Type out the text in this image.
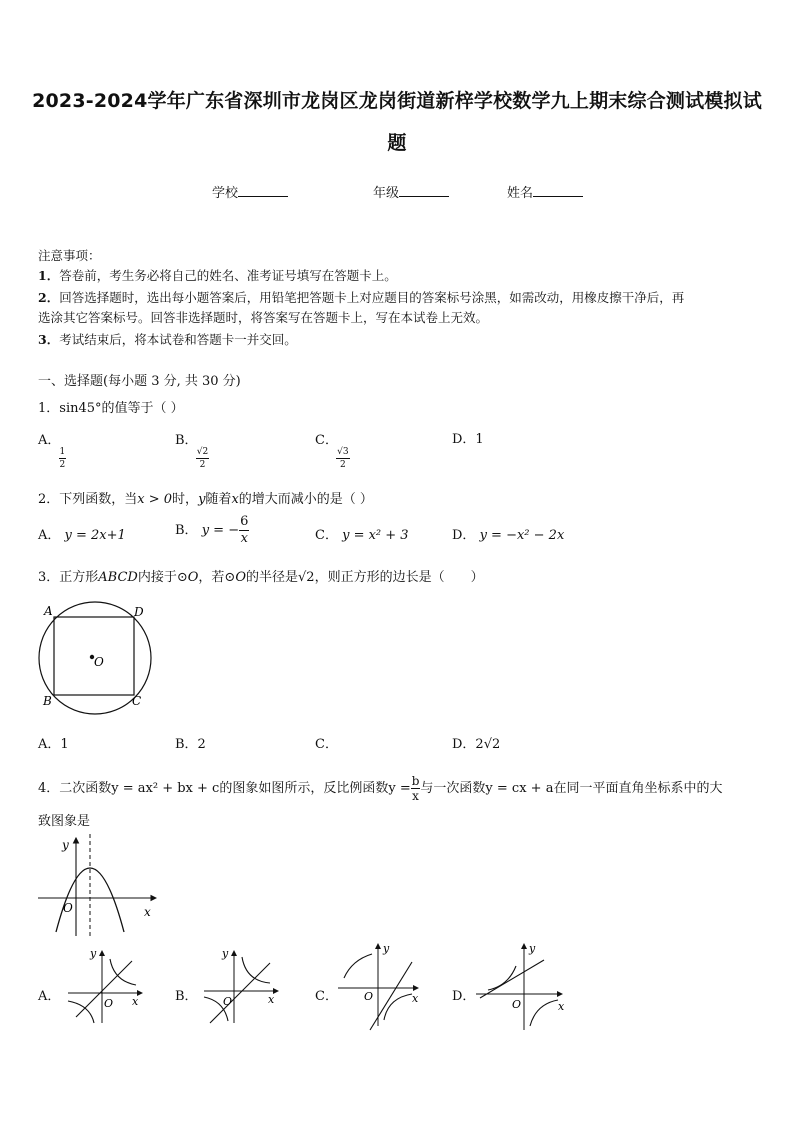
2023-2024学年广东省深圳市龙岗区龙岗街道新梓学校数学九上期末综合测试模拟试
题
学校	年级	姓名
注意事项：
1．答卷前，考生务必将自己的姓名、准考证号填写在答题卡上。
2．回答选择题时，选出每小题答案后，用铅笔把答题卡上对应题目的答案标号涂黑，如需改动，用橡皮擦干净后，再
选涂其它答案标号。回答非选择题时，将答案写在答题卡上，写在本试卷上无效。
3．考试结束后，将本试卷和答题卡一并交回。
一、选择题(每小题 3 分, 共 30 分)
1．sin45°的值等于（ ）
A．
$\frac{1}{2}$
B．
$\frac{√2}{2}$
C．
$\frac{√3}{2}$
D．1
2．下列函数，当x > 0时，y随着x的增大而减小的是（ ）
A． y = 2x+1	B． y = − $\frac{6}{x}$	C． y = x² + 3	D． y = −x² − 2x
3．正方形ABCD内接于⊙O，若⊙O的半径是√2，则正方形的边长是（　　）
O
A	D
B	C
A．1	B．2	C．	D．2√2
4．二次函数y = ax² + bx + c的图象如图所示，反比例函数$y = \frac{b}{x}$ 与一次函数y = cx + a在同一平面直角坐标系中的大
致图象是
y
x
O
A．
y
x
O	B．
y
x
O	C．
y
x
O	D．
y
x
O
